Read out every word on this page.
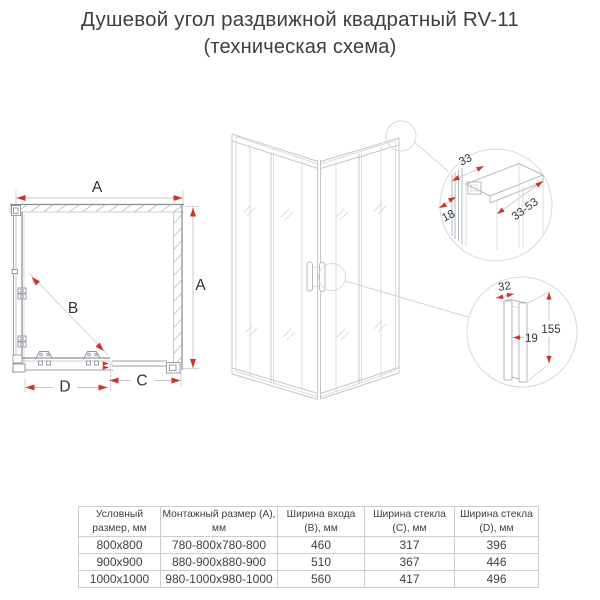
Душевой угол раздвижной квадратный RV-11
(техническая схема)
A
A
B
D	C
33
18	33-53
32
19
155
Условный размер, мм	Монтажный размер (A), мм	Ширина входа (B), мм	Ширина стекла (C), мм	Ширина стекла (D), мм
800x800	780-800x780-800	460	317	396
900x900	880-900x880-900	510	367	446
1000x1000	980-1000x980-1000	560	417	496
